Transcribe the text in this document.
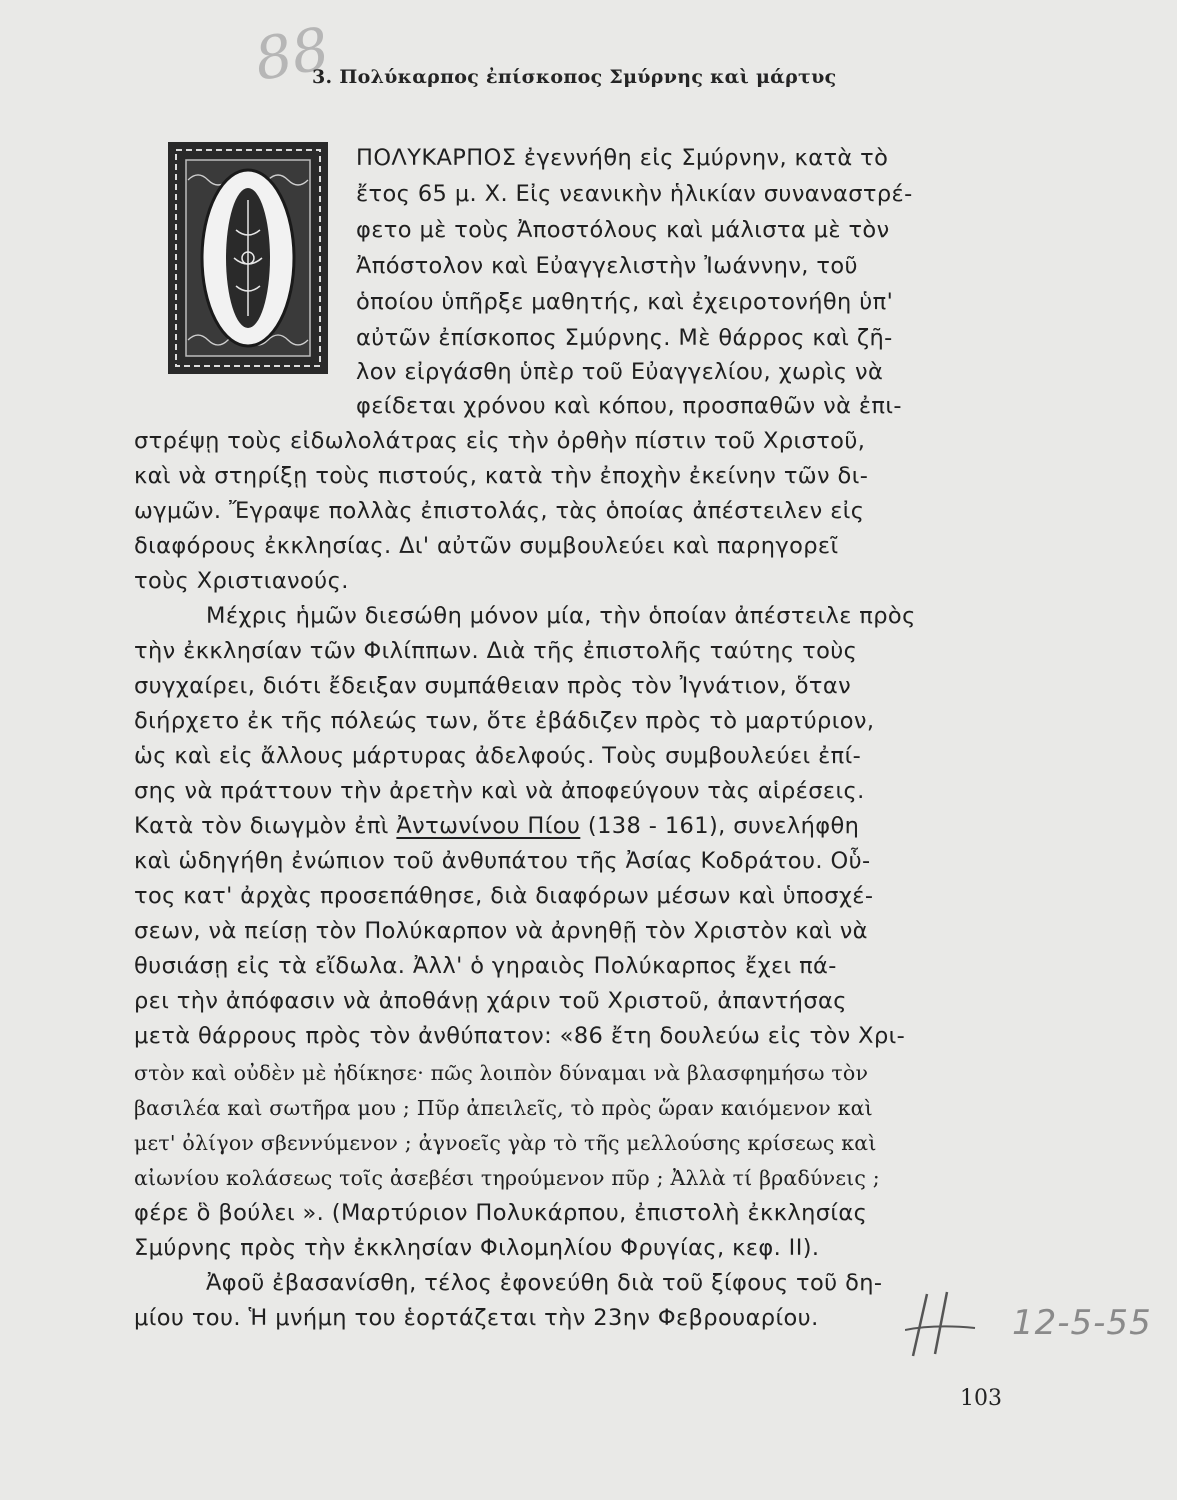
88
3. Πολύκαρπος ἐπίσκοπος Σμύρνης καὶ μάρτυς
Ο
ΠΟΛΥΚΑΡΠΟΣ ἐγεννήθη εἰς Σμύρνην, κατὰ τὸ
ἔτος 65 μ. Χ. Εἰς νεανικὴν ἡλικίαν συναναστρέ-
φετο μὲ τοὺς Ἀποστόλους καὶ μάλιστα μὲ τὸν
Ἀπόστολον καὶ Εὐαγγελιστὴν Ἰωάννην, τοῦ
ὁποίου ὑπῆρξε μαθητής, καὶ ἐχειροτονήθη ὑπ'
αὐτῶν ἐπίσκοπος Σμύρνης. Μὲ θάρρος καὶ ζῆ-
λον εἰργάσθη ὑπὲρ τοῦ Εὐαγγελίου, χωρὶς νὰ
φείδεται χρόνου καὶ κόπου, προσπαθῶν νὰ ἐπι-
στρέψῃ τοὺς εἰδωλολάτρας εἰς τὴν ὀρθὴν πίστιν τοῦ Χριστοῦ,
καὶ νὰ στηρίξῃ τοὺς πιστούς, κατὰ τὴν ἐποχὴν ἐκείνην τῶν δι-
ωγμῶν. Ἔγραψε πολλὰς ἐπιστολάς, τὰς ὁποίας ἀπέστειλεν εἰς
διαφόρους ἐκκλησίας. Δι' αὐτῶν συμβουλεύει καὶ παρηγορεῖ
τοὺς Χριστιανούς.
Μέχρις ἡμῶν διεσώθη μόνον μία, τὴν ὁποίαν ἀπέστειλε πρὸς
τὴν ἐκκλησίαν τῶν Φιλίππων. Διὰ τῆς ἐπιστολῆς ταύτης τοὺς
συγχαίρει, διότι ἔδειξαν συμπάθειαν πρὸς τὸν Ἰγνάτιον, ὅταν
διήρχετο ἐκ τῆς πόλεώς των, ὅτε ἐβάδιζεν πρὸς τὸ μαρτύριον,
ὡς καὶ εἰς ἄλλους μάρτυρας ἀδελφούς. Τοὺς συμβουλεύει ἐπί-
σης νὰ πράττουν τὴν ἀρετὴν καὶ νὰ ἀποφεύγουν τὰς αἱρέσεις.
Κατὰ τὸν διωγμὸν ἐπὶ Ἀντωνίνου Πίου (138 - 161), συνελήφθη
καὶ ὡδηγήθη ἐνώπιον τοῦ ἀνθυπάτου τῆς Ἀσίας Κοδράτου. Οὗ-
τος κατ' ἀρχὰς προσεπάθησε, διὰ διαφόρων μέσων καὶ ὑποσχέ-
σεων, νὰ πείσῃ τὸν Πολύκαρπον νὰ ἀρνηθῇ τὸν Χριστὸν καὶ νὰ
θυσιάσῃ εἰς τὰ εἴδωλα. Ἀλλ' ὁ γηραιὸς Πολύκαρπος ἔχει πά-
ρει τὴν ἀπόφασιν νὰ ἀποθάνῃ χάριν τοῦ Χριστοῦ, ἀπαντήσας
μετὰ θάρρους πρὸς τὸν ἀνθύπατον: «86 ἔτη δουλεύω εἰς τὸν Χρι-
στὸν καὶ οὐδὲν μὲ ἠδίκησε· πῶς λοιπὸν δύναμαι νὰ βλασφημήσω τὸν
βασιλέα καὶ σωτῆρα μου ; Πῦρ ἀπειλεῖς, τὸ πρὸς ὥραν καιόμενον καὶ
μετ' ὀλίγον σβεννύμενον ; ἀγνοεῖς γὰρ τὸ τῆς μελλούσης κρίσεως καὶ
αἰωνίου κολάσεως τοῖς ἀσεβέσι τηρούμενον πῦρ ; Ἀλλὰ τί βραδύνεις ;
φέρε ὃ βούλει ». (Μαρτύριον Πολυκάρπου, ἐπιστολὴ ἐκκλησίας
Σμύρνης πρὸς τὴν ἐκκλησίαν Φιλομηλίου Φρυγίας, κεφ. ΙΙ).
Ἀφοῦ ἐβασανίσθη, τέλος ἐφονεύθη διὰ τοῦ ξίφους τοῦ δη-
μίου του. Ἡ μνήμη του ἑορτάζεται τὴν 23ην Φεβρουαρίου.	12-5-55
103
